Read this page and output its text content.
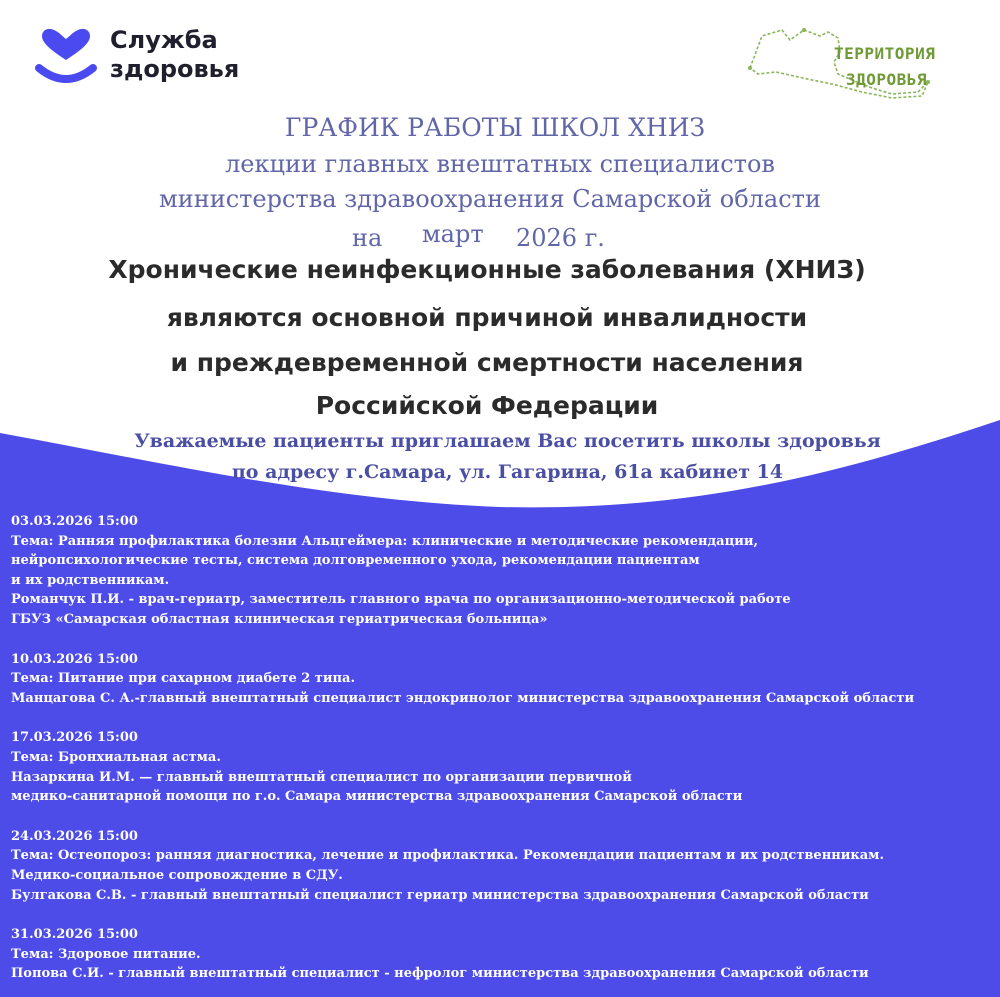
Служба
здоровья
ТЕРРИТОРИЯ
ЗДОРОВЬЯ
ГРАФИК РАБОТЫ ШКОЛ ХНИЗ
лекции главных внештатных специалистов
министерства здравоохранения Самарской области
на март 2026 г.
Хронические неинфекционные заболевания (ХНИЗ)
являются основной причиной инвалидности
и преждевременной смертности населения
Российской Федерации
Уважаемые пациенты приглашаем Вас посетить школы здоровья
по адресу г.Самара, ул. Гагарина, 61а кабинет 14
03.03.2026 15:00
Тема: Ранняя профилактика болезни Альцгеймера: клинические и методические рекомендации,
нейропсихологические тесты, система долговременного ухода, рекомендации пациентам
и их родственникам.
Романчук П.И. - врач-гериатр, заместитель главного врача по организационно-методической работе
ГБУЗ «Самарская областная клиническая гериатрическая больница»
10.03.2026 15:00
Тема: Питание при сахарном диабете 2 типа.
Манцагова С. А.-главный внештатный специалист эндокринолог министерства здравоохранения Самарской области
17.03.2026 15:00
Тема: Бронхиальная астма.
Назаркина И.М. — главный внештатный специалист по организации первичной
медико-санитарной помощи по г.о. Самара министерства здравоохранения Самарской области
24.03.2026 15:00
Тема: Остеопороз: ранняя диагностика, лечение и профилактика. Рекомендации пациентам и их родственникам.
Медико-социальное сопровождение в СДУ.
Булгакова С.В. - главный внештатный специалист гериатр министерства здравоохранения Самарской области
31.03.2026 15:00
Тема: Здоровое питание.
Попова С.И. - главный внештатный специалист - нефролог министерства здравоохранения Самарской области
